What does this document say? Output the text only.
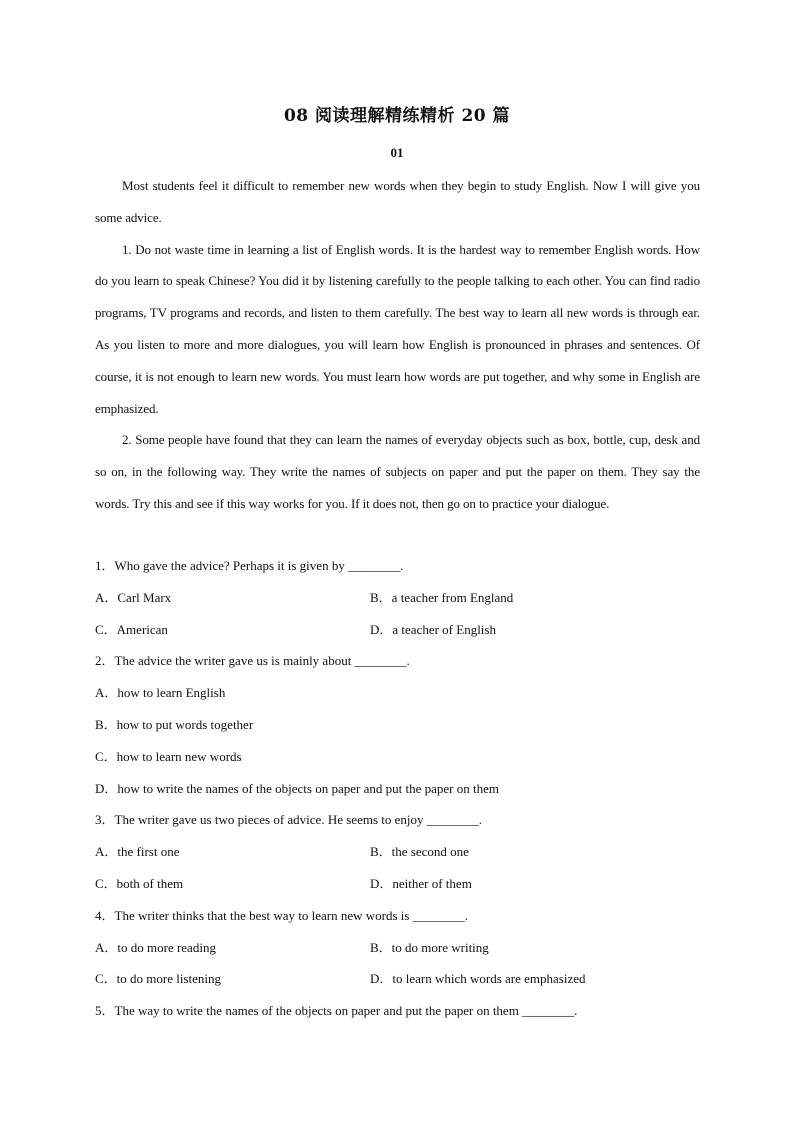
08 阅读理解精练精析 20 篇
01

Most students feel it difficult to remember new words when they begin to study English. Now I will give you some advice.

1. Do not waste time in learning a list of English words. It is the hardest way to remember English words. How do you learn to speak Chinese? You did it by listening carefully to the people talking to each other. You can find radio programs, TV programs and records, and listen to them carefully. The best way to learn all new words is through ear. As you listen to more and more dialogues, you will learn how English is pronounced in phrases and sentences. Of course, it is not enough to learn new words. You must learn how words are put together, and why some in English are emphasized.

2. Some people have found that they can learn the names of everyday objects such as box, bottle, cup, desk and so on, in the following way. They write the names of subjects on paper and put the paper on them. They say the words. Try this and see if this way works for you. If it does not, then go on to practice your dialogue.

1．Who gave the advice? Perhaps it is given by ________.
A．Carl Marx	B．a teacher from England
C．American	D．a teacher of English
2．The advice the writer gave us is mainly about ________.
A．how to learn English
B．how to put words together
C．how to learn new words
D．how to write the names of the objects on paper and put the paper on them
3．The writer gave us two pieces of advice. He seems to enjoy ________.
A．the first one	B．the second one
C．both of them	D．neither of them
4．The writer thinks that the best way to learn new words is ________.
A．to do more reading	B．to do more writing
C．to do more listening	D．to learn which words are emphasized
5．The way to write the names of the objects on paper and put the paper on them ________.
